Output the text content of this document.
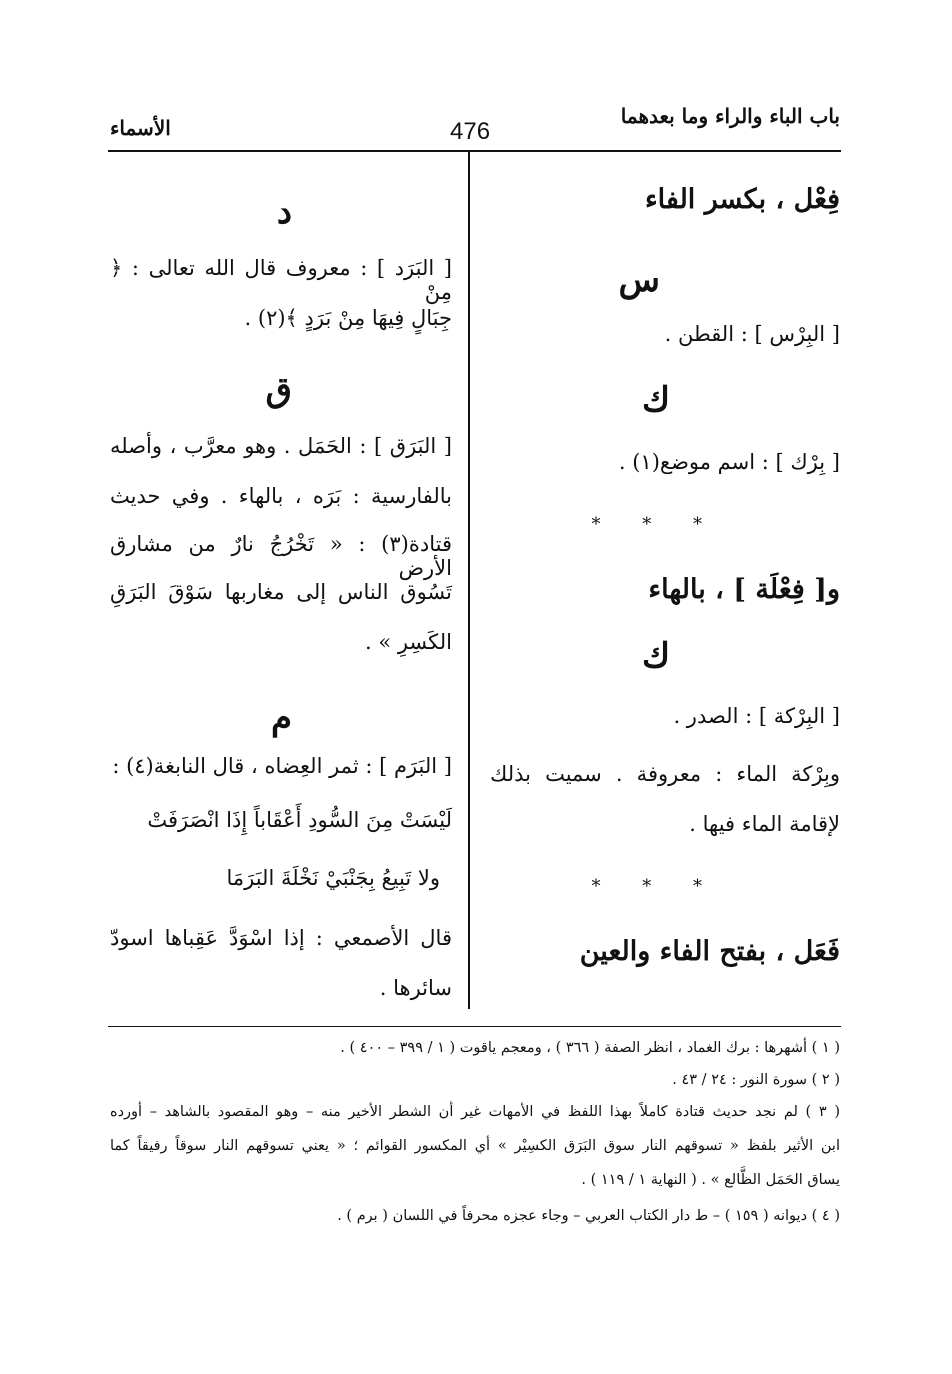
باب الباء والراء وما بعدهما
476
الأسماء
فِعْل ، بكسر الفاء
س
[ البِرْس ] : القطن .
ك
[ بِرْك ] : اسم موضع(١) .
* * *
و[ فِعْلَة ] ، بالهاء
ك
[ البِرْكة ] : الصدر .
وبِرْكة الماء : معروفة . سميت بذلك
لإقامة الماء فيها .
* * *
فَعَل ، بفتح الفاء والعين
د
[ البَرَد ] : معروف قال الله تعالى : ﴿ مِنْ
جِبَالٍ فِيهَا مِنْ بَرَدٍ ﴾(٢) .
ق
[ البَرَق ] : الحَمَل . وهو معرَّب ، وأصله
بالفارسية : بَرَه ، بالهاء . وفي حديث
قتادة(٣) : « تَخْرُجُ نارٌ من مشارق الأرض
تَسُوق الناس إلى مغاربها سَوْقَ البَرَقِ
الكَسِرِ » .
م
[ البَرَم ] : ثمر العِضاه ، قال النابغة(٤) :
لَيْسَتْ مِنَ السُّودِ أَعْقَاباً إِذَا انْصَرَفَتْ
ولا تَبِيعُ بِجَنْبَيْ نَخْلَةَ البَرَمَا
قال الأصمعي : إذا اسْوَدَّ عَقِباها اسودّ
سائرها .
( ١ ) أشهرها : برك الغماد ، انظر الصفة ( ٣٦٦ ) ، ومعجم ياقوت ( ١ / ٣٩٩ – ٤٠٠ ) .
( ٢ ) سورة النور : ٢٤ / ٤٣ .
( ٣ ) لم نجد حديث قتادة كاملاً بهذا اللفظ في الأمهات غير أن الشطر الأخير منه – وهو المقصود بالشاهد – أورده
ابن الأثير بلفظ « تسوقهم النار سوق البَرَق الكسِيْر » أي المكسور القوائم ؛ « يعني تسوقهم النار سوقاً رفيقاً كما
يساق الحَمَل الظَّالع » . ( النهاية ١ / ١١٩ ) .
( ٤ ) ديوانه ( ١٥٩ ) – ط دار الكتاب العربي – وجاء عجزه محرفاً في اللسان ( برم ) .
